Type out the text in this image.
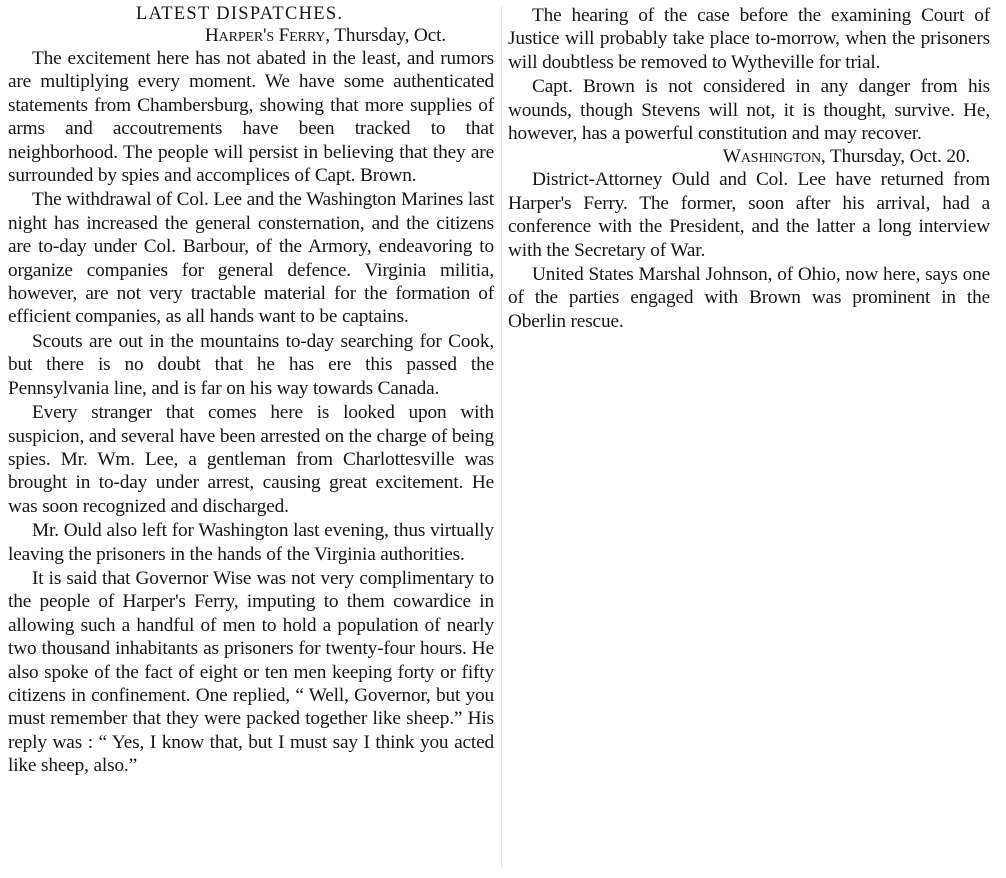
LATEST DISPATCHES.
Harper's Ferry, Thursday, Oct.

The excitement here has not abated in the least, and rumors are multiplying every moment. We have some authenticated statements from Chambersburg, showing that more supplies of arms and accoutrements have been tracked to that neighborhood. The people will persist in believing that they are surrounded by spies and accomplices of Capt. Brown.

The withdrawal of Col. Lee and the Washington Marines last night has increased the general consternation, and the citizens are to-day under Col. Barbour, of the Armory, endeavoring to organize companies for general defence. Virginia militia, however, are not very tractable material for the formation of efficient companies, as all hands want to be captains.

Scouts are out in the mountains to-day searching for Cook, but there is no doubt that he has ere this passed the Pennsylvania line, and is far on his way towards Canada.

Every stranger that comes here is looked upon with suspicion, and several have been arrested on the charge of being spies. Mr. Wm. Lee, a gentleman from Charlottesville was brought in to-day under arrest, causing great excitement. He was soon recognized and discharged.

Mr. Ould also left for Washington last evening, thus virtually leaving the prisoners in the hands of the Virginia authorities.

It is said that Governor Wise was not very complimentary to the people of Harper's Ferry, imputing to them cowardice in allowing such a handful of men to hold a population of nearly two thousand inhabitants as prisoners for twenty-four hours. He also spoke of the fact of eight or ten men keeping forty or fifty citizens in confinement. One replied, “ Well, Governor, but you must remember that they were packed together like sheep.” His reply was : “ Yes, I know that, but I must say I think you acted like sheep, also.”

The hearing of the case before the examining Court of Justice will probably take place to-morrow, when the prisoners will doubtless be removed to Wytheville for trial.

Capt. Brown is not considered in any danger from his wounds, though Stevens will not, it is thought, survive. He, however, has a powerful constitution and may recover.

Washington, Thursday, Oct. 20.

District-Attorney Ould and Col. Lee have returned from Harper's Ferry. The former, soon after his arrival, had a conference with the President, and the latter a long interview with the Secretary of War.

United States Marshal Johnson, of Ohio, now here, says one of the parties engaged with Brown was prominent in the Oberlin rescue.
